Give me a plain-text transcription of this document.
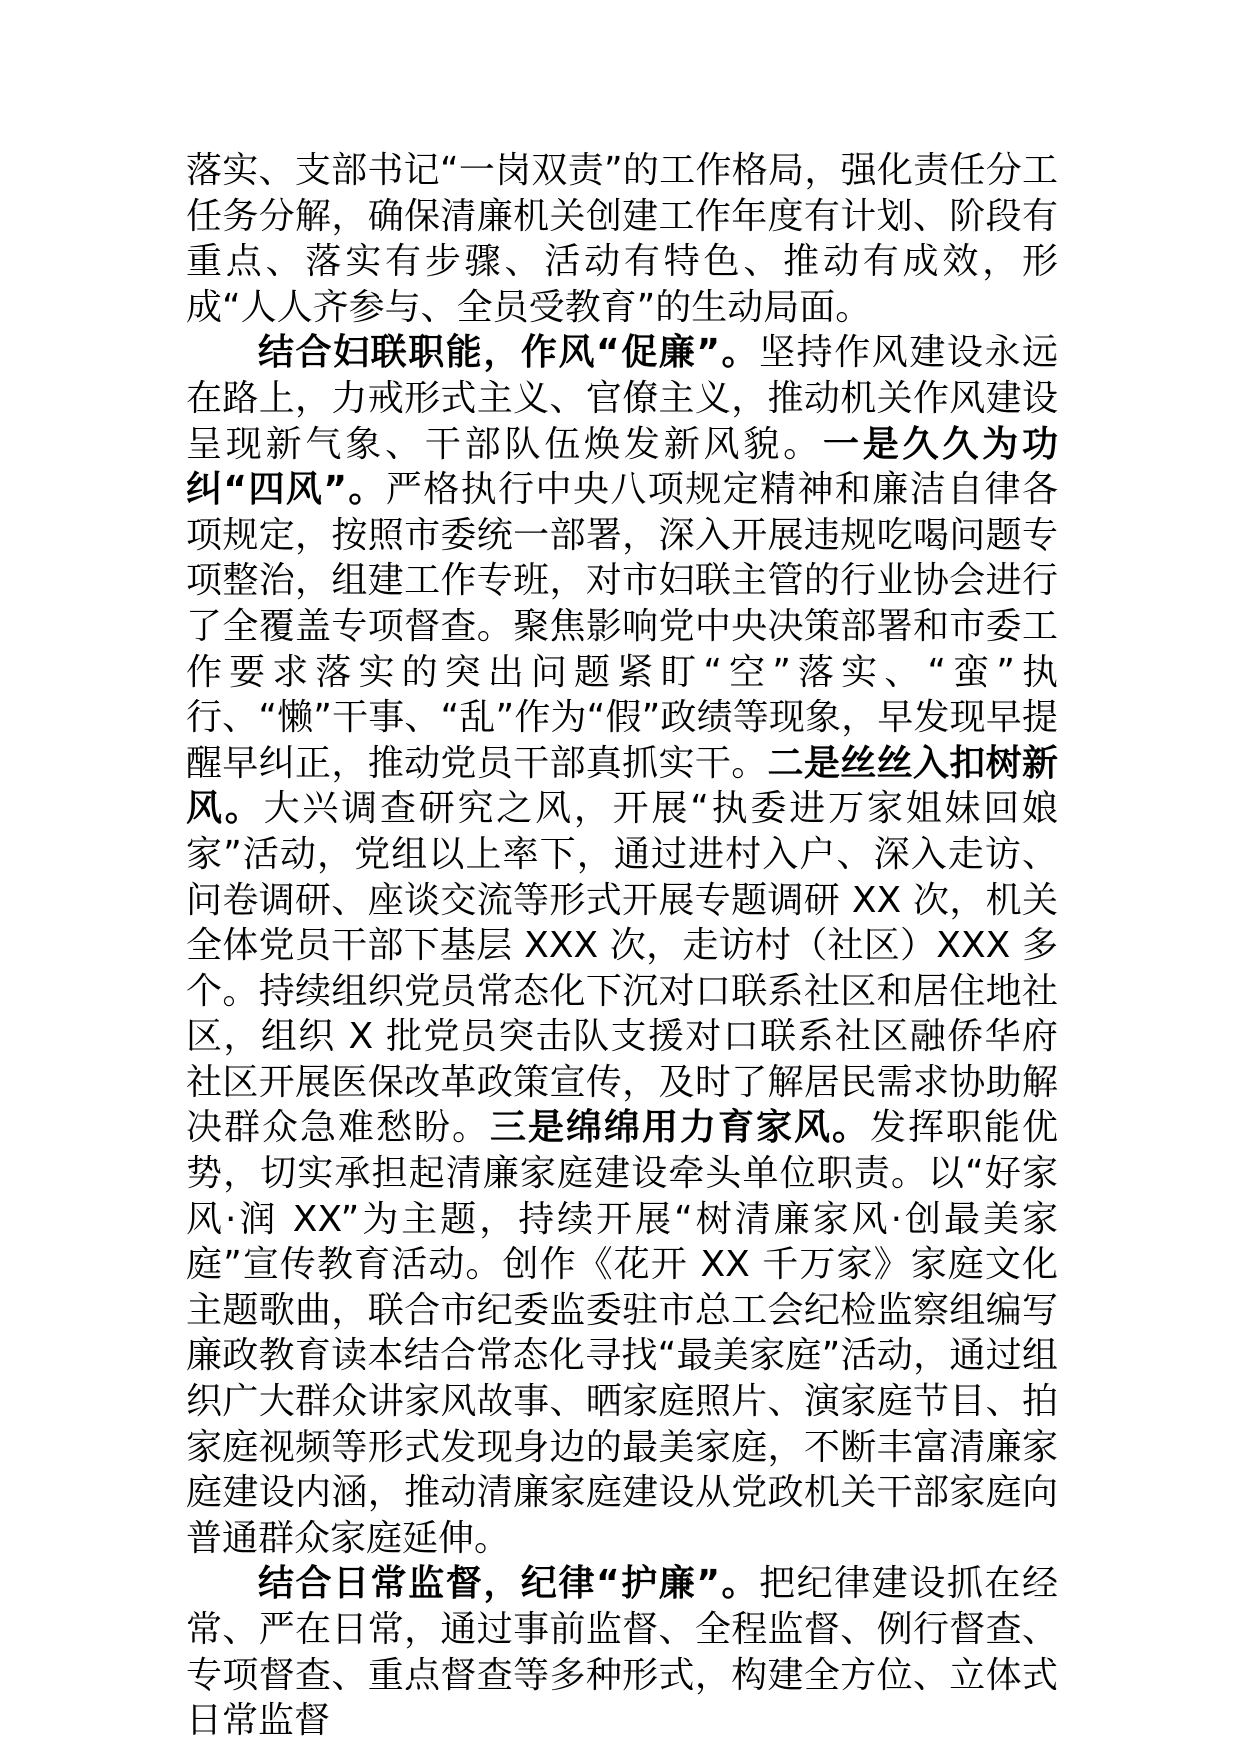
落实、支部书记“一岗双责”的工作格局，强化责任分工任务分解，确保清廉机关创建工作年度有计划、阶段有重点、落实有步骤、活动有特色、推动有成效，形成“人人齐参与、全员受教育”的生动局面。

结合妇联职能，作风“促廉”。坚持作风建设永远在路上，力戒形式主义、官僚主义，推动机关作风建设呈现新气象、干部队伍焕发新风貌。一是久久为功纠“四风”。严格执行中央八项规定精神和廉洁自律各项规定，按照市委统一部署，深入开展违规吃喝问题专项整治，组建工作专班，对市妇联主管的行业协会进行了全覆盖专项督查。聚焦影响党中央决策部署和市委工作要求落实的突出问题紧盯“空”落实、“蛮”执行、“懒”干事、“乱”作为“假”政绩等现象，早发现早提醒早纠正，推动党员干部真抓实干。二是丝丝入扣树新风。大兴调查研究之风，开展“执委进万家姐妹回娘家”活动，党组以上率下，通过进村入户、深入走访、问卷调研、座谈交流等形式开展专题调研 XX 次，机关全体党员干部下基层 XXX 次，走访村（社区）XXX 多个。持续组织党员常态化下沉对口联系社区和居住地社区，组织 X 批党员突击队支援对口联系社区融侨华府社区开展医保改革政策宣传，及时了解居民需求协助解决群众急难愁盼。三是绵绵用力育家风。发挥职能优势，切实承担起清廉家庭建设牵头单位职责。以“好家风·润 XX”为主题，持续开展“树清廉家风·创最美家庭”宣传教育活动。创作《花开 XX 千万家》家庭文化主题歌曲，联合市纪委监委驻市总工会纪检监察组编写廉政教育读本结合常态化寻找“最美家庭”活动，通过组织广大群众讲家风故事、晒家庭照片、演家庭节目、拍家庭视频等形式发现身边的最美家庭，不断丰富清廉家庭建设内涵，推动清廉家庭建设从党政机关干部家庭向普通群众家庭延伸。

结合日常监督，纪律“护廉”。把纪律建设抓在经常、严在日常，通过事前监督、全程监督、例行督查、专项督查、重点督查等多种形式，构建全方位、立体式日常监督
